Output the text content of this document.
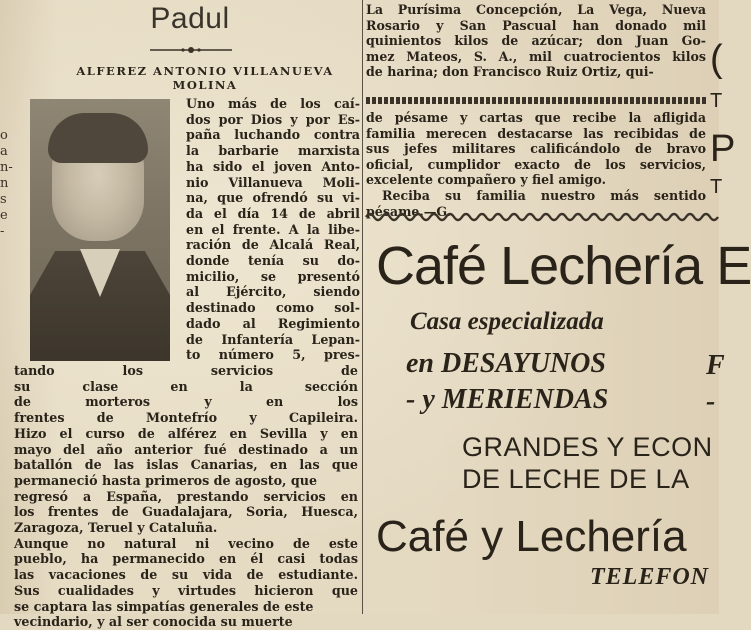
o
a
n-
n
s
e
-
Padul
ALFEREZ ANTONIO VILLANUEVA
MOLINA
Uno más de los caí-
dos por Dios y por Es-
paña luchando contra
la barbarie marxista
ha sido el joven Anto-
nio Villanueva Moli-
na, que ofrendó su vi-
da el día 14 de abril
en el frente. A la libe-
ración de Alcalá Real,
donde tenía su do-
micilio, se presentó
al Ejército, siendo
destinado como sol-
dado al Regimiento
de Infantería Lepan-
to número 5, pres-
tando los servicios de
su clase en la sección
de morteros y en los
frentes de Montefrío y Capileira.
Hizo el curso de alférez en Sevilla y en
mayo del año anterior fué destinado a un
batallón de las islas Canarias, en las que
permaneció hasta primeros de agosto, que
regresó a España, prestando servicios en
los frentes de Guadalajara, Soria, Huesca,
Zaragoza, Teruel y Cataluña.
Aunque no natural ni vecino de este
pueblo, ha permanecido en él casi todas
las vacaciones de su vida de estudiante.
Sus cualidades y virtudes hicieron que
se captara las simpatías generales de este
vecindario, y al ser conocida su muerte
La Purísima Concepción, La Vega, Nueva
Rosario y San Pascual han donado mil
quinientos kilos de azúcar; don Juan Go-
mez Mateos, S. A., mil cuatrocientos kilos
de harina; don Francisco Ruiz Ortiz, qui-
de pésame y cartas que recibe la afligida
familia merecen destacarse las recibidas de
sus jefes militares calificándolo de bravo
oficial, cumplidor exacto de los servicios,
excelente compañero y fiel amigo.
Reciba su familia nuestro más sentido
pésame.—G.
Café Lechería E
Casa especializada
en DESAYUNOS
- y MERIENDAS
F
-
GRANDES Y ECON
DE LECHE DE LA
Café y Lechería
TELEFON
(
T
P
T
